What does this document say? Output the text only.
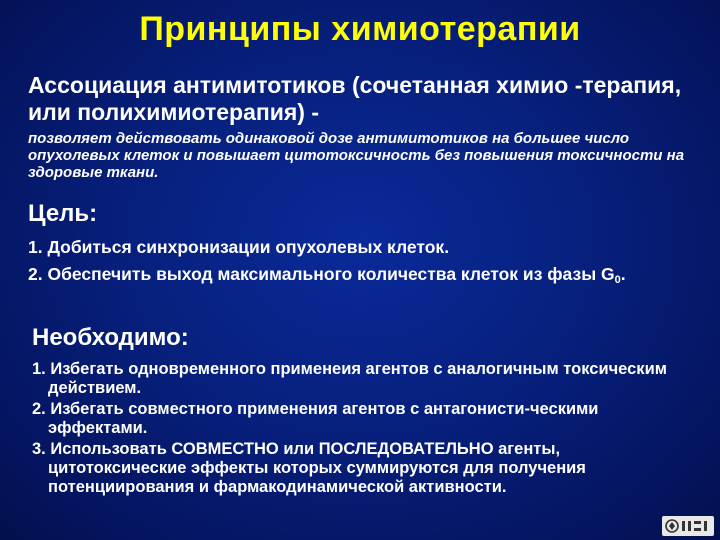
Принципы химиотерапии
Ассоциация антимитотиков (сочетанная химио -терапия, или полихимиотерапия) -
позволяет действовать одинаковой дозе антимитотиков на большее число опухолевых клеток и повышает цитотоксичность без повышения токсичности на здоровые ткани.
Цель:
1. Добиться синхронизации опухолевых клеток.
2. Обеспечить выход максимального количества клеток из фазы $G_0$.
Необходимо:
1. Избегать одновременного применеия агентов с аналогичным токсическим действием.
2. Избегать совместного применения агентов с антагонисти-ческими эффектами.
3. Использовать СОВМЕСТНО или ПОСЛЕДОВАТЕЛЬНО агенты, цитотоксические эффекты которых суммируются для получения потенциирования и фармакодинамической активности.
